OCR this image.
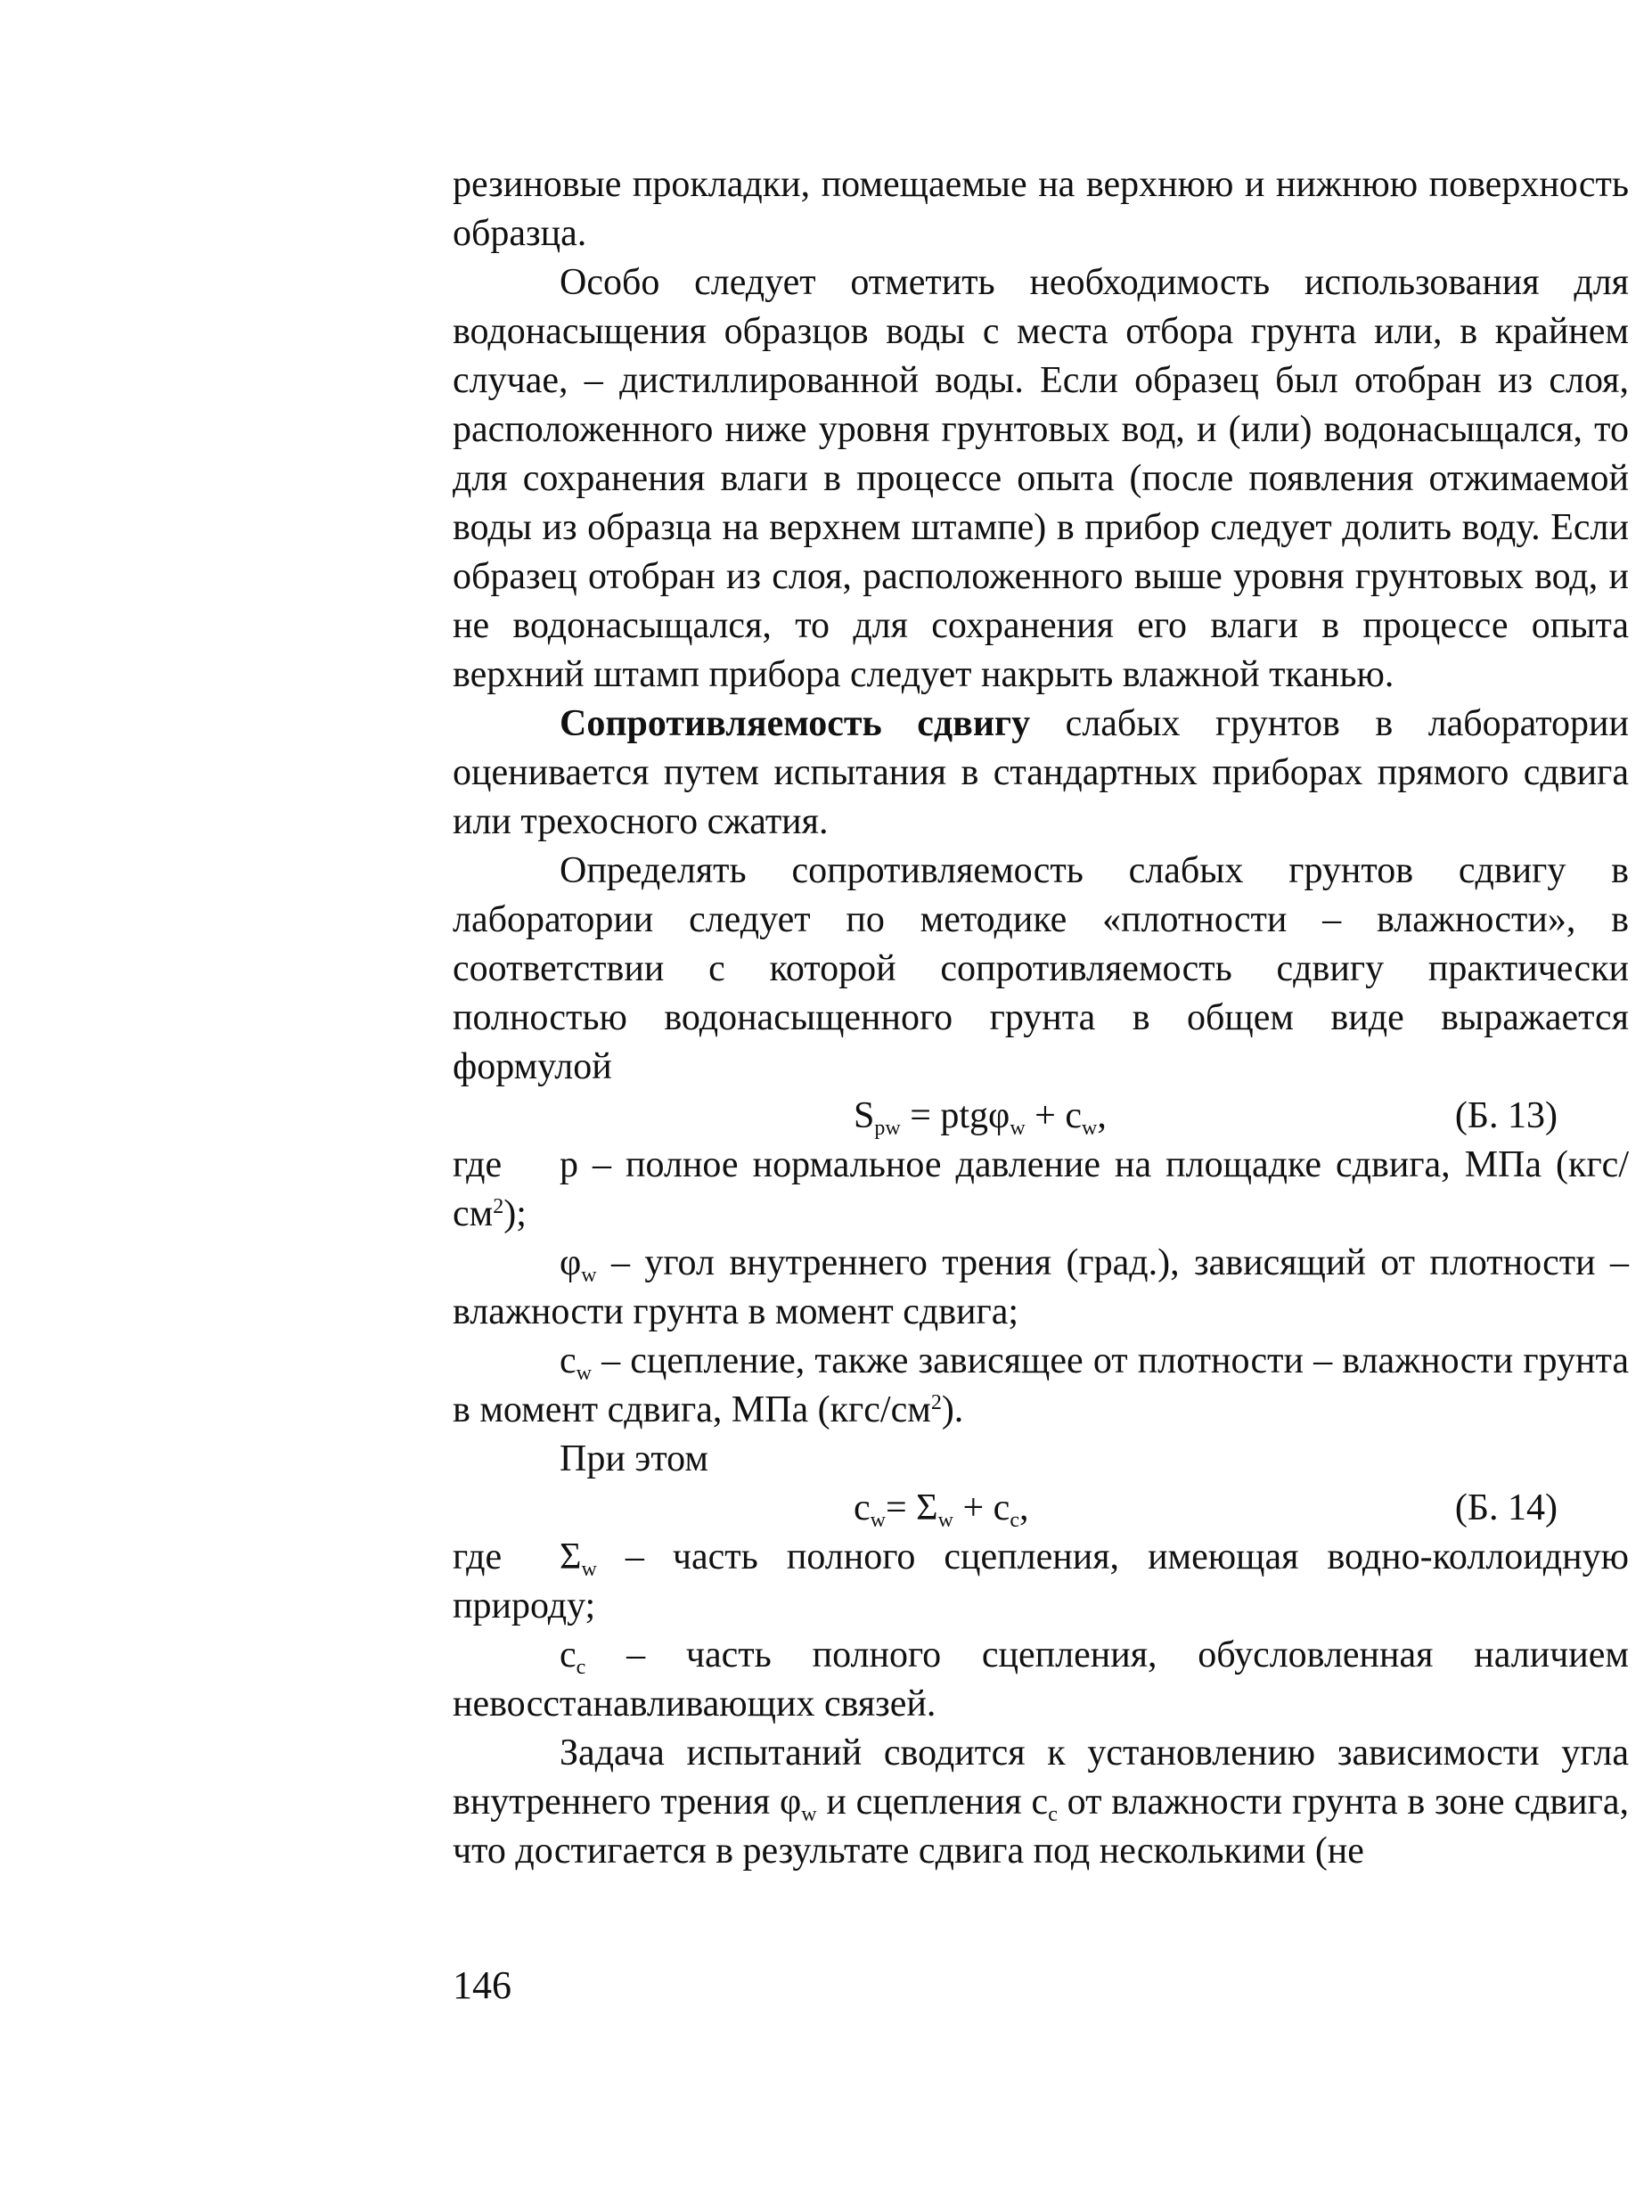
резиновые прокладки, помещаемые на верхнюю и нижнюю поверхность образца.

Особо следует отметить необходимость использования для водонасыщения образцов воды с места отбора грунта или, в крайнем случае, – дистиллированной воды. Если образец был отобран из слоя, расположенного ниже уровня грунтовых вод, и (или) водонасыщался, то для сохранения влаги в процессе опыта (после появления отжимаемой воды из образца на верхнем штампе) в прибор следует долить воду. Если образец отобран из слоя, расположенного выше уровня грунтовых вод, и не водонасыщался, то для сохранения его влаги в процессе опыта верхний штамп прибора следует накрыть влажной тканью.

Сопротивляемость сдвигу слабых грунтов в лаборатории оценивается путем испытания в стандартных приборах прямого сдвига или трехосного сжатия.

Определять сопротивляемость слабых грунтов сдвигу в лаборатории следует по методике «плотности – влажности», в соответствии с которой сопротивляемость сдвигу практически полностью водонасыщенного грунта в общем виде выражается формулой

$S_{pw} = ptg\varphi_w + c_w$,	(Б. 13)

где p – полное нормальное давление на площадке сдвига, МПа $(кгс/см^2)$;

$\varphi_w$ – угол внутреннего трения (град.), зависящий от плотности – влажности грунта в момент сдвига;

$c_w$ – сцепление, также зависящее от плотности – влажности грунта в момент сдвига, МПа $(кгс/см^2)$.

При этом

$c_w= \Sigma_w + c_c$,	(Б. 14)

где $\Sigma_w$ – часть полного сцепления, имеющая водно-коллоидную природу;

$c_c$ – часть полного сцепления, обусловленная наличием невосстанавливающих связей.

Задача испытаний сводится к установлению зависимости угла внутреннего трения $\varphi_w$ и сцепления $c_c$ от влажности грунта в зоне сдвига, что достигается в результате сдвига под несколькими (не

146
